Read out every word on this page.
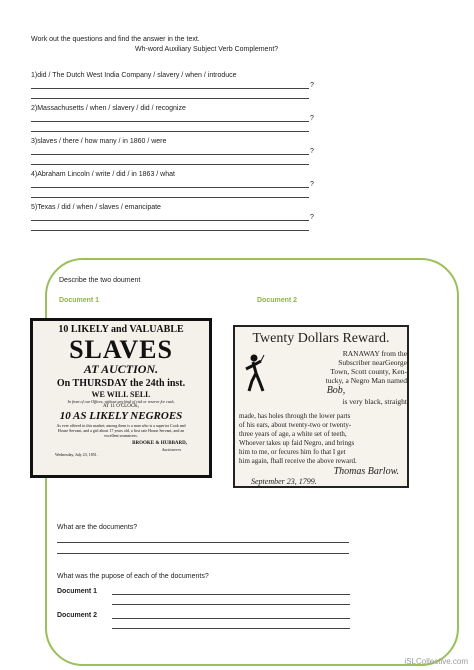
Work out the questions and find the answer in the text.
Wh-word Auxiliary Subject Verb Complement?
1)did / The Dutch West India Company / slavery / when / introduce
?
2)Massachusetts / when / slavery / did / recognize
?
3)slaves / there / how many / in 1860 / were
?
4)Abraham Lincoln / write / did / in 1863 / what
?
5)Texas / did / when / slaves / emancipate
?
Describe the two doument
Document 1	Document 2
10 LIKELY and VALUABLE
SLAVES
AT AUCTION.
On THURSDAY the 24th inst.
WE WILL SELL
In front of our Offices, without any kind of risk or reserve for cash,
AT 11 O'CLOCK,
10 AS LIKELY NEGROES
As ever offered in this market; among them is a man who is a superior Cook and House Servant, and a girl about 17 years old, a first rate House Servant, and an excellent seamstress.
BROOKE & HUBBARD,
Auctioneers
Wednesday, July 23, 1851.
Twenty Dollars Reward.
RANAWAY from the
Subscriber nearGeorge
Town, Scott county, Ken-
tucky, a Negro Man named
Bob,
is very black, straight
made, has holes through the lower parts
of his ears, about twenty-two or twenty-
three years of age, a white set of teeth,
Whoever takes up faid Negro, and brings
him to me, or fecures him fo that I get
him again, fhall receive the above reward.
Thomas Barlow.
September 23, 1799.
What are the documents?
What was the pupose of each of the documents?
Document 1
Document 2
iSLCollective.com
